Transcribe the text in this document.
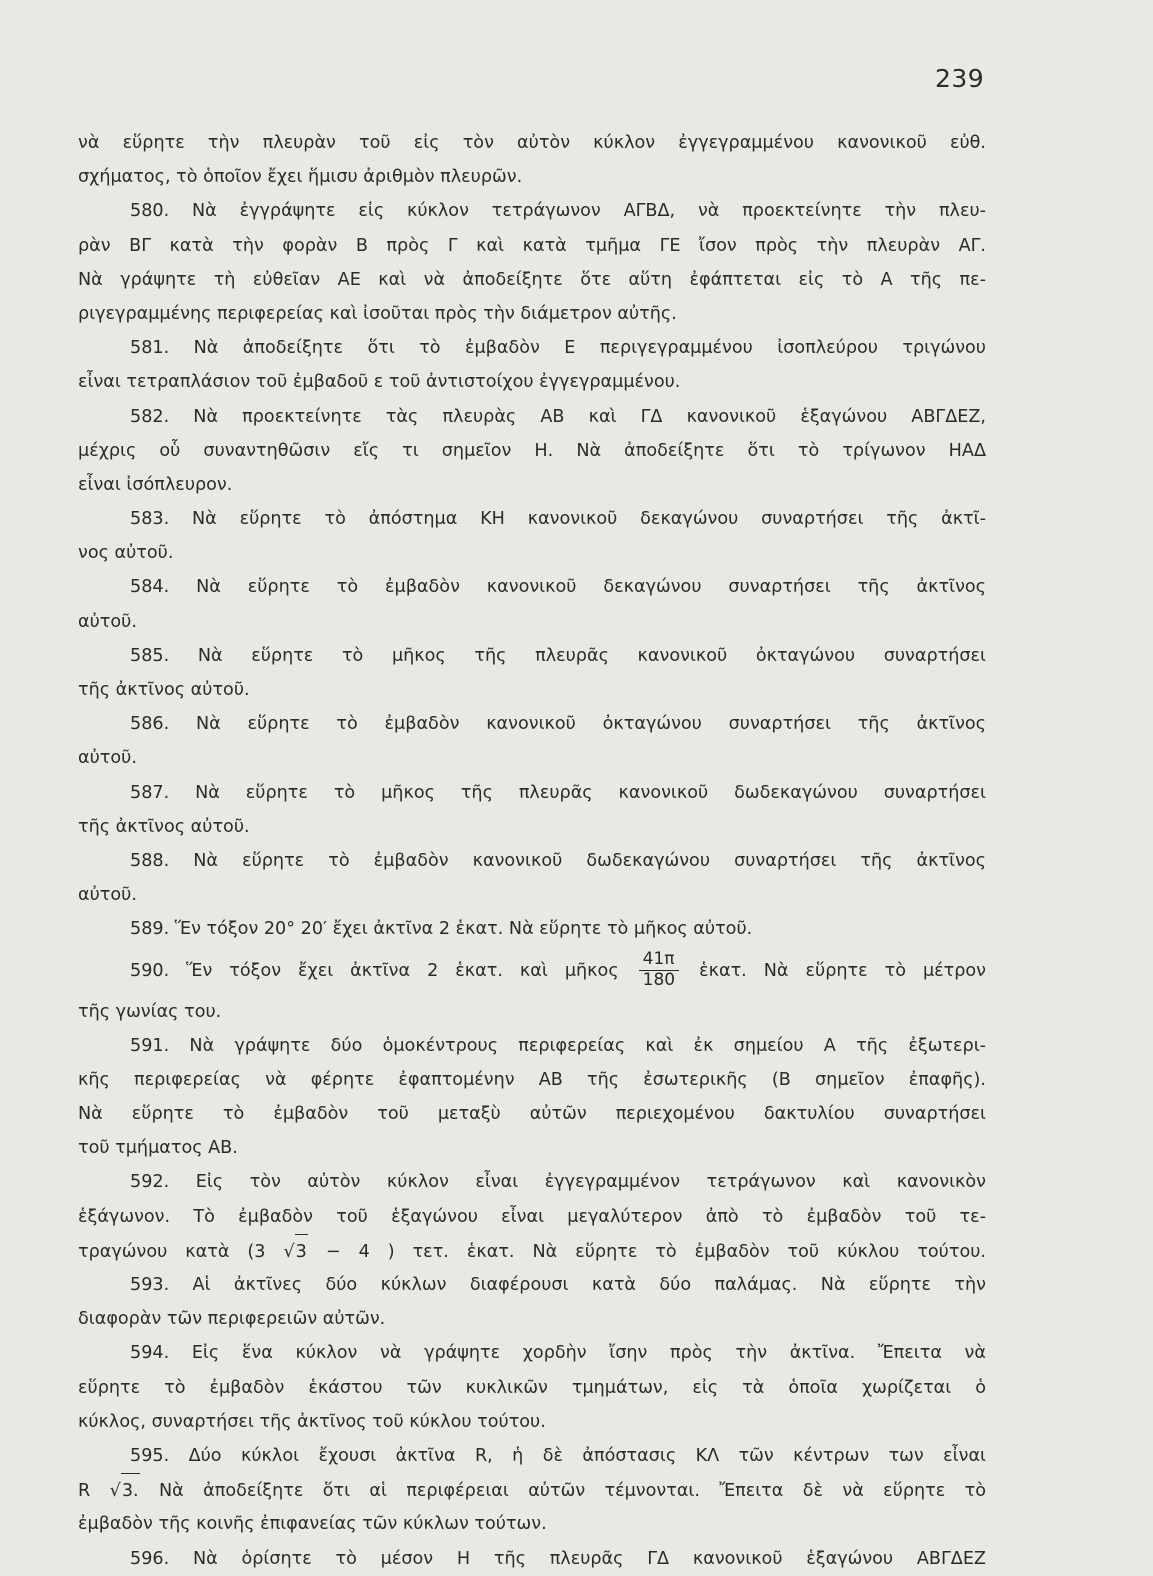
239
νὰ εὕρητε τὴν πλευρὰν τοῦ εἰς τὸν αὐτὸν κύκλον ἐγγεγραμμένου κανονικοῦ εὐθ.
σχήματος, τὸ ὁποῖον ἔχει ἥμισυ ἀριθμὸν πλευρῶν.
580. Νὰ ἐγγράψητε εἰς κύκλον τετράγωνον ΑΓΒΔ, νὰ προεκτείνητε τὴν πλευ-
ρὰν ΒΓ κατὰ τὴν φορὰν Β πρὸς Γ καὶ κατὰ τμῆμα ΓΕ ἴσον πρὸς τὴν πλευρὰν ΑΓ.
Νὰ γράψητε τὴ εὐθεῖαν ΑΕ καὶ νὰ ἀποδείξητε ὅτε αὕτη ἐφάπτεται εἰς τὸ Α τῆς πε-
ριγεγραμμένης περιφερείας καὶ ἰσοῦται πρὸς τὴν διάμετρον αὐτῆς.
581. Νὰ ἀποδείξητε ὅτι τὸ ἐμβαδὸν Ε περιγεγραμμένου ἰσοπλεύρου τριγώνου
εἶναι τετραπλάσιον τοῦ ἐμβαδοῦ ε τοῦ ἀντιστοίχου ἐγγεγραμμένου.
582. Νὰ προεκτείνητε τὰς πλευρὰς ΑΒ καὶ ΓΔ κανονικοῦ ἑξαγώνου ΑΒΓΔΕΖ,
μέχρις οὗ συναντηθῶσιν εἴς τι σημεῖον Η. Νὰ ἀποδείξητε ὅτι τὸ τρίγωνον ΗΑΔ
εἶναι ἰσόπλευρον.
583. Νὰ εὕρητε τὸ ἀπόστημα ΚΗ κανονικοῦ δεκαγώνου συναρτήσει τῆς ἀκτῖ-
νος αὐτοῦ.
584. Νὰ εὕρητε τὸ ἐμβαδὸν κανονικοῦ δεκαγώνου συναρτήσει τῆς ἀκτῖνος
αὐτοῦ.
585. Νὰ εὕρητε τὸ μῆκος τῆς πλευρᾶς κανονικοῦ ὀκταγώνου συναρτήσει
τῆς ἀκτῖνος αὐτοῦ.
586. Νὰ εὕρητε τὸ ἐμβαδὸν κανονικοῦ ὀκταγώνου συναρτήσει τῆς ἀκτῖνος
αὐτοῦ.
587. Νὰ εὕρητε τὸ μῆκος τῆς πλευρᾶς κανονικοῦ δωδεκαγώνου συναρτήσει
τῆς ἀκτῖνος αὐτοῦ.
588. Νὰ εὕρητε τὸ ἐμβαδὸν κανονικοῦ δωδεκαγώνου συναρτήσει τῆς ἀκτῖνος
αὐτοῦ.
589. Ἕν τόξον 20° 20′ ἔχει ἀκτῖνα 2 ἑκατ. Νὰ εὕρητε τὸ μῆκος αὐτοῦ.
590. Ἕν τόξον ἔχει ἀκτῖνα 2 ἑκατ. καὶ μῆκος $\frac{41\pi}{180}$ ἑκατ. Νὰ εὕρητε τὸ μέτρον
τῆς γωνίας του.
591. Νὰ γράψητε δύο ὁμοκέντρους περιφερείας καὶ ἐκ σημείου Α τῆς ἐξωτερι-
κῆς περιφερείας νὰ φέρητε ἐφαπτομένην ΑΒ τῆς ἐσωτερικῆς (Β σημεῖον ἐπαφῆς).
Νὰ εὕρητε τὸ ἐμβαδὸν τοῦ μεταξὺ αὐτῶν περιεχομένου δακτυλίου συναρτήσει
τοῦ τμήματος ΑΒ.
592. Εἰς τὸν αὐτὸν κύκλον εἶναι ἐγγεγραμμένον τετράγωνον καὶ κανονικὸν
ἑξάγωνον. Τὸ ἐμβαδὸν τοῦ ἑξαγώνου εἶναι μεγαλύτερον ἀπὸ τὸ ἐμβαδὸν τοῦ τε-
τραγώνου κατὰ (3 √3 − 4 ) τετ. ἑκατ. Νὰ εὕρητε τὸ ἐμβαδὸν τοῦ κύκλου τούτου.
593. Αἱ ἀκτῖνες δύο κύκλων διαφέρουσι κατὰ δύο παλάμας. Νὰ εὕρητε τὴν
διαφορὰν τῶν περιφερειῶν αὐτῶν.
594. Εἰς ἕνα κύκλον νὰ γράψητε χορδὴν ἴσην πρὸς τὴν ἀκτῖνα. Ἔπειτα νὰ
εὕρητε τὸ ἐμβαδὸν ἑκάστου τῶν κυκλικῶν τμημάτων, εἰς τὰ ὁποῖα χωρίζεται ὁ
κύκλος, συναρτήσει τῆς ἀκτῖνος τοῦ κύκλου τούτου.
595. Δύο κύκλοι ἔχουσι ἀκτῖνα R, ἡ δὲ ἀπόστασις ΚΛ τῶν κέντρων των εἶναι
R √3. Νὰ ἀποδείξητε ὅτι αἱ περιφέρειαι αὐτῶν τέμνονται. Ἔπειτα δὲ νὰ εὕρητε τὸ
ἐμβαδὸν τῆς κοινῆς ἐπιφανείας τῶν κύκλων τούτων.
596. Νὰ ὁρίσητε τὸ μέσον Η τῆς πλευρᾶς ΓΔ κανονικοῦ ἑξαγώνου ΑΒΓΔΕΖ
